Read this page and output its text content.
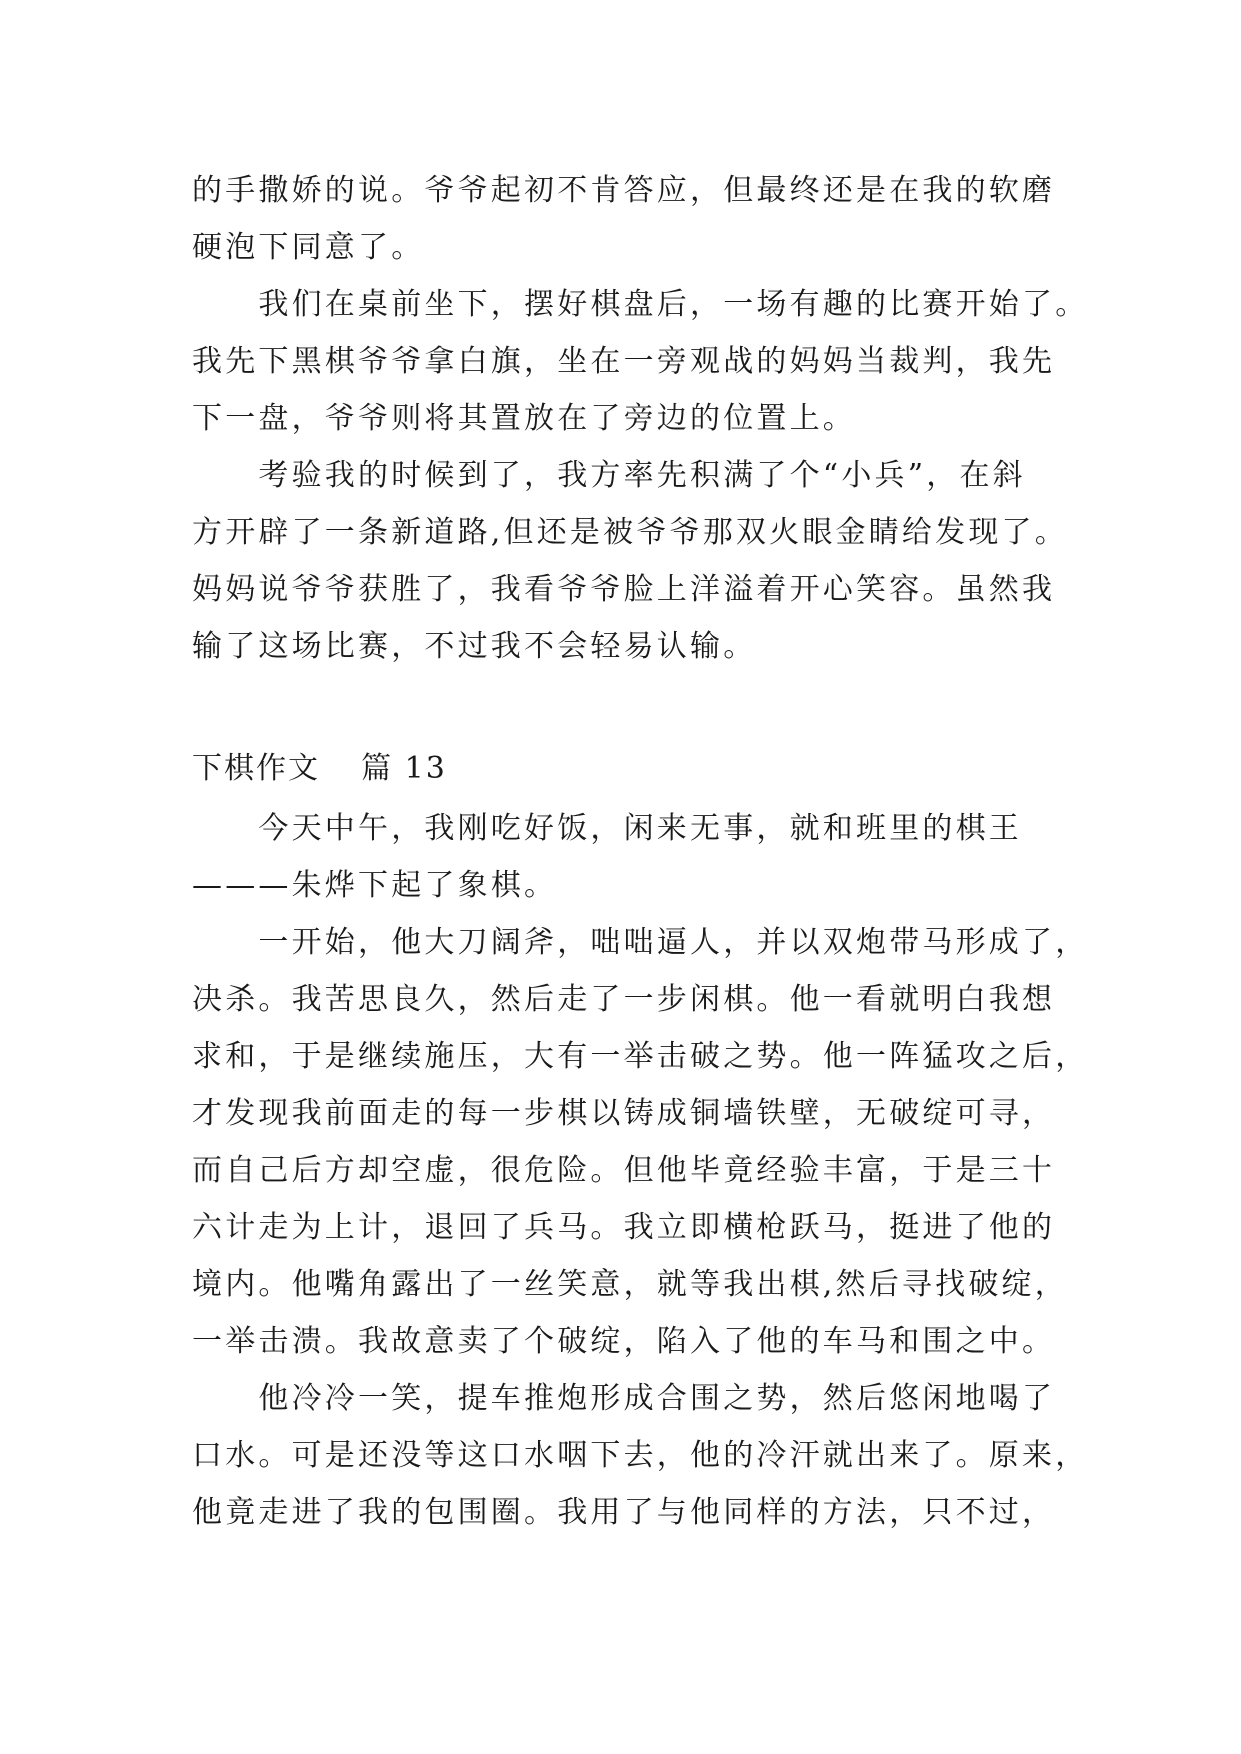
的手撒娇的说。爷爷起初不肯答应，但最终还是在我的软磨
硬泡下同意了。
　　我们在桌前坐下，摆好棋盘后，一场有趣的比赛开始了。
我先下黑棋爷爷拿白旗，坐在一旁观战的妈妈当裁判，我先
下一盘，爷爷则将其置放在了旁边的位置上。
　　考验我的时候到了，我方率先积满了个“小兵”，在斜
方开辟了一条新道路,但还是被爷爷那双火眼金睛给发现了。
妈妈说爷爷获胜了，我看爷爷脸上洋溢着开心笑容。虽然我
输了这场比赛，不过我不会轻易认输。
下棋作文 篇 13
　　今天中午，我刚吃好饭，闲来无事，就和班里的棋王
———朱烨下起了象棋。
　　一开始，他大刀阔斧，咄咄逼人，并以双炮带马形成了，
决杀。我苦思良久，然后走了一步闲棋。他一看就明白我想
求和，于是继续施压，大有一举击破之势。他一阵猛攻之后，
才发现我前面走的每一步棋以铸成铜墙铁壁，无破绽可寻，
而自己后方却空虚，很危险。但他毕竟经验丰富，于是三十
六计走为上计，退回了兵马。我立即横枪跃马，挺进了他的
境内。他嘴角露出了一丝笑意，就等我出棋,然后寻找破绽，
一举击溃。我故意卖了个破绽，陷入了他的车马和围之中。
　　他冷冷一笑，提车推炮形成合围之势，然后悠闲地喝了
口水。可是还没等这口水咽下去，他的冷汗就出来了。原来，
他竟走进了我的包围圈。我用了与他同样的方法，只不过，
